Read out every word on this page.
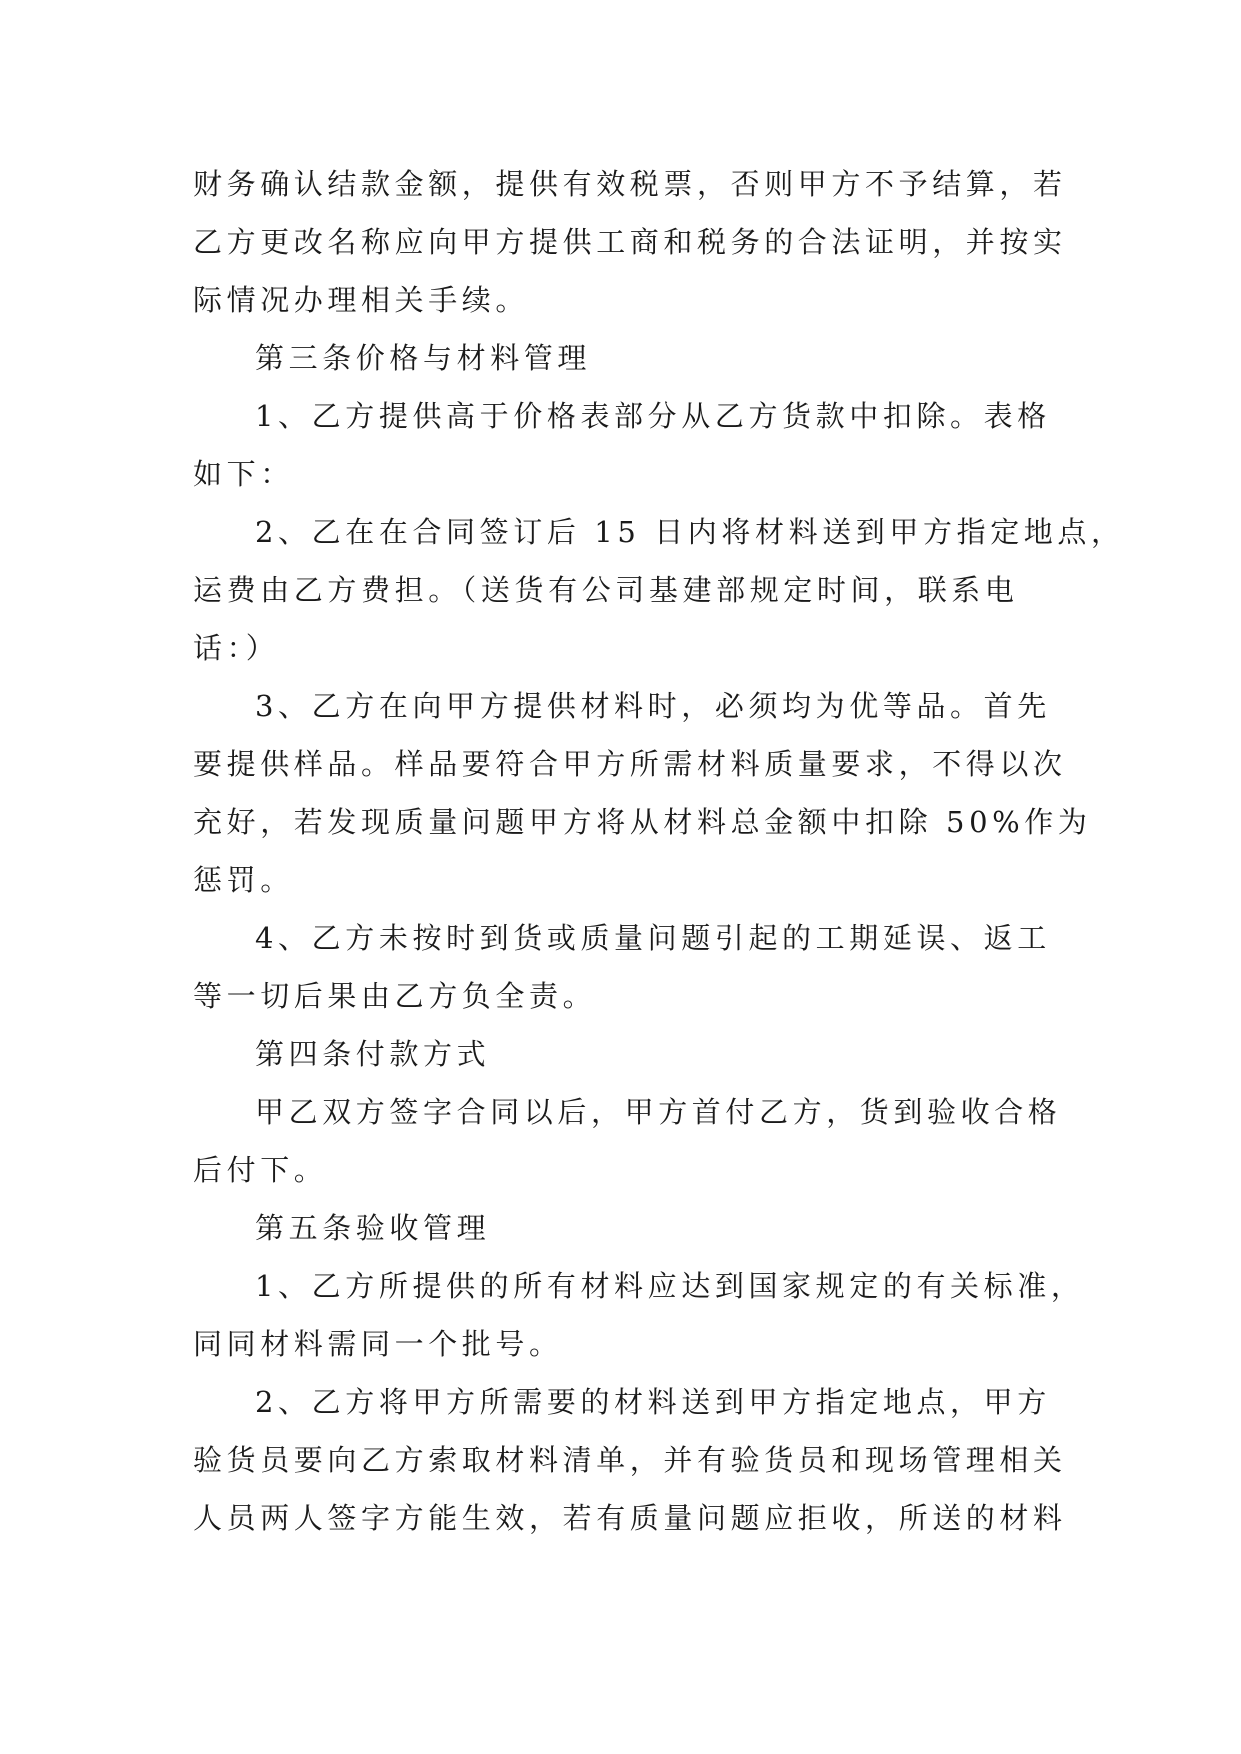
财务确认结款金额，提供有效税票，否则甲方不予结算，若
乙方更改名称应向甲方提供工商和税务的合法证明，并按实
际情况办理相关手续。
第三条价格与材料管理
1、乙方提供高于价格表部分从乙方货款中扣除。表格
如下：
2、乙在在合同签订后 15 日内将材料送到甲方指定地点，
运费由乙方费担。（送货有公司基建部规定时间，联系电
话：）
3、乙方在向甲方提供材料时，必须均为优等品。首先
要提供样品。样品要符合甲方所需材料质量要求，不得以次
充好，若发现质量问题甲方将从材料总金额中扣除 50%作为
惩罚。
4、乙方未按时到货或质量问题引起的工期延误、返工
等一切后果由乙方负全责。
第四条付款方式
甲乙双方签字合同以后，甲方首付乙方，货到验收合格
后付下。
第五条验收管理
1、乙方所提供的所有材料应达到国家规定的有关标准，
同同材料需同一个批号。
2、乙方将甲方所需要的材料送到甲方指定地点，甲方
验货员要向乙方索取材料清单，并有验货员和现场管理相关
人员两人签字方能生效，若有质量问题应拒收，所送的材料
